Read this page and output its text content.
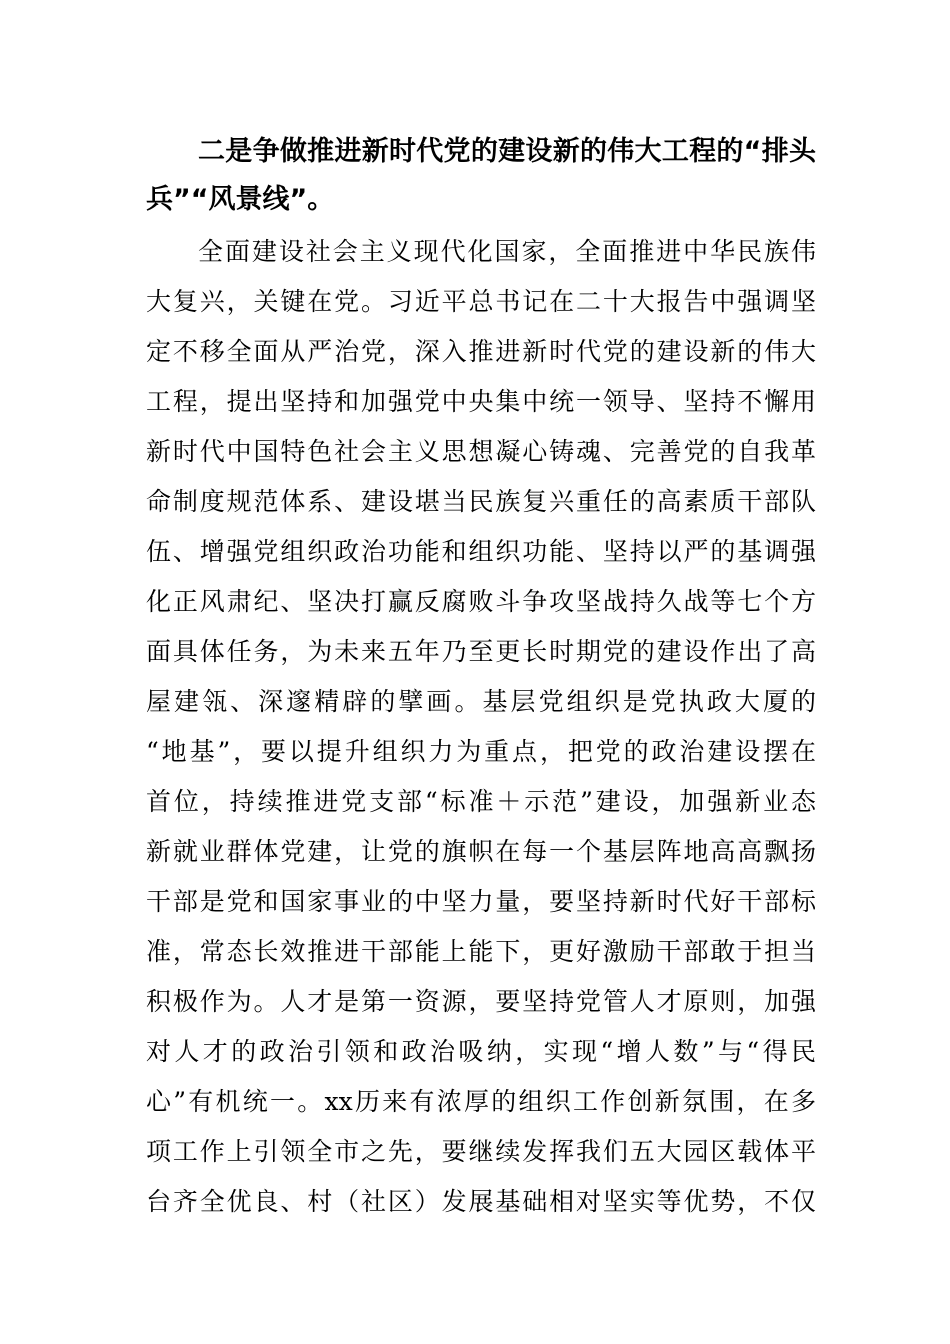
二是争做推进新时代党的建设新的伟大工程的“排头兵”“风景线”。

全面建设社会主义现代化国家，全面推进中华民族伟
大复兴，关键在党。习近平总书记在二十大报告中强调坚
定不移全面从严治党，深入推进新时代党的建设新的伟大
工程，提出坚持和加强党中央集中统一领导、坚持不懈用
新时代中国特色社会主义思想凝心铸魂、完善党的自我革
命制度规范体系、建设堪当民族复兴重任的高素质干部队
伍、增强党组织政治功能和组织功能、坚持以严的基调强
化正风肃纪、坚决打赢反腐败斗争攻坚战持久战等七个方
面具体任务，为未来五年乃至更长时期党的建设作出了高
屋建瓴、深邃精辟的擘画。基层党组织是党执政大厦的
“地基”，要以提升组织力为重点，把党的政治建设摆在
首位，持续推进党支部“标准＋示范”建设，加强新业态
新就业群体党建，让党的旗帜在每一个基层阵地高高飘扬
干部是党和国家事业的中坚力量，要坚持新时代好干部标
准，常态长效推进干部能上能下，更好激励干部敢于担当
积极作为。人才是第一资源，要坚持党管人才原则，加强
对人才的政治引领和政治吸纳，实现“增人数”与“得民
心”有机统一。xx历来有浓厚的组织工作创新氛围，在多
项工作上引领全市之先，要继续发挥我们五大园区载体平
台齐全优良、村（社区）发展基础相对坚实等优势，不仅
